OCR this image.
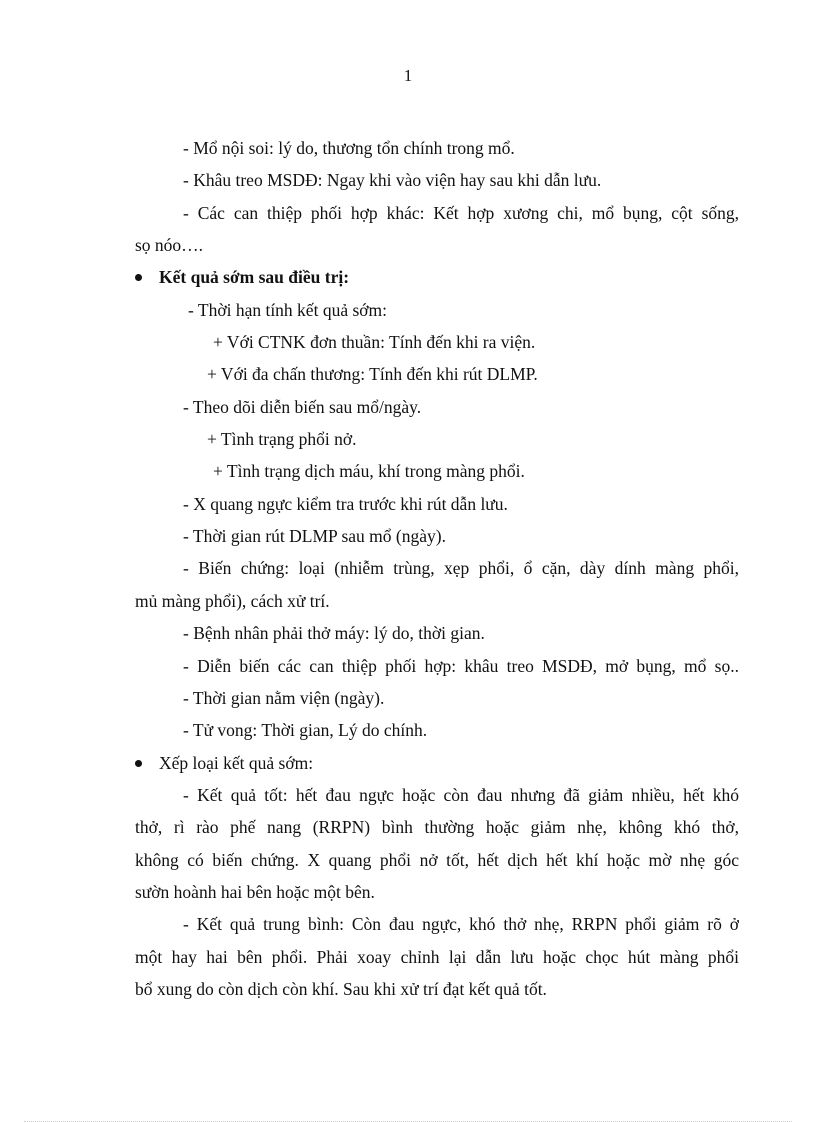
1
- Mổ nội soi: lý do, thương tổn chính trong mổ.
- Khâu treo MSDĐ: Ngay khi vào viện hay sau khi dẫn lưu.
- Các can thiệp phối hợp khác: Kết hợp xương chi, mổ bụng, cột sống,
sọ nóo….
Kết quả sớm sau điều trị:
- Thời hạn tính kết quả sớm:
+ Với CTNK đơn thuần: Tính đến khi ra viện.
+ Với đa chấn thương: Tính đến khi rút DLMP.
- Theo dõi diễn biến sau mổ/ngày.
+ Tình trạng phổi nở.
+ Tình trạng dịch máu, khí trong màng phổi.
- X quang ngực kiểm tra trước khi rút dẫn lưu.
- Thời gian rút DLMP sau mổ (ngày).
- Biến chứng: loại (nhiễm trùng, xẹp phổi, ổ cặn, dày dính màng phổi,
mủ màng phổi), cách xử trí.
- Bệnh nhân phải thở máy: lý do, thời gian.
- Diễn biến các can thiệp phối hợp: khâu treo MSDĐ, mở bụng, mổ sọ..
- Thời gian nằm viện (ngày).
- Tử vong: Thời gian, Lý do chính.
Xếp loại kết quả sớm:
- Kết quả tốt: hết đau ngực hoặc còn đau nhưng đã giảm nhiều, hết khó
thở, rì rào phế nang (RRPN) bình thường hoặc giảm nhẹ, không khó thở,
không có biến chứng. X quang phổi nở tốt, hết dịch hết khí hoặc mờ nhẹ góc
sườn hoành hai bên hoặc một bên.
- Kết quả trung bình: Còn đau ngực, khó thở nhẹ, RRPN phổi giảm rõ ở
một hay hai bên phổi. Phải xoay chỉnh lại dẫn lưu hoặc chọc hút màng phổi
bổ xung do còn dịch còn khí. Sau khi xử trí đạt kết quả tốt.
